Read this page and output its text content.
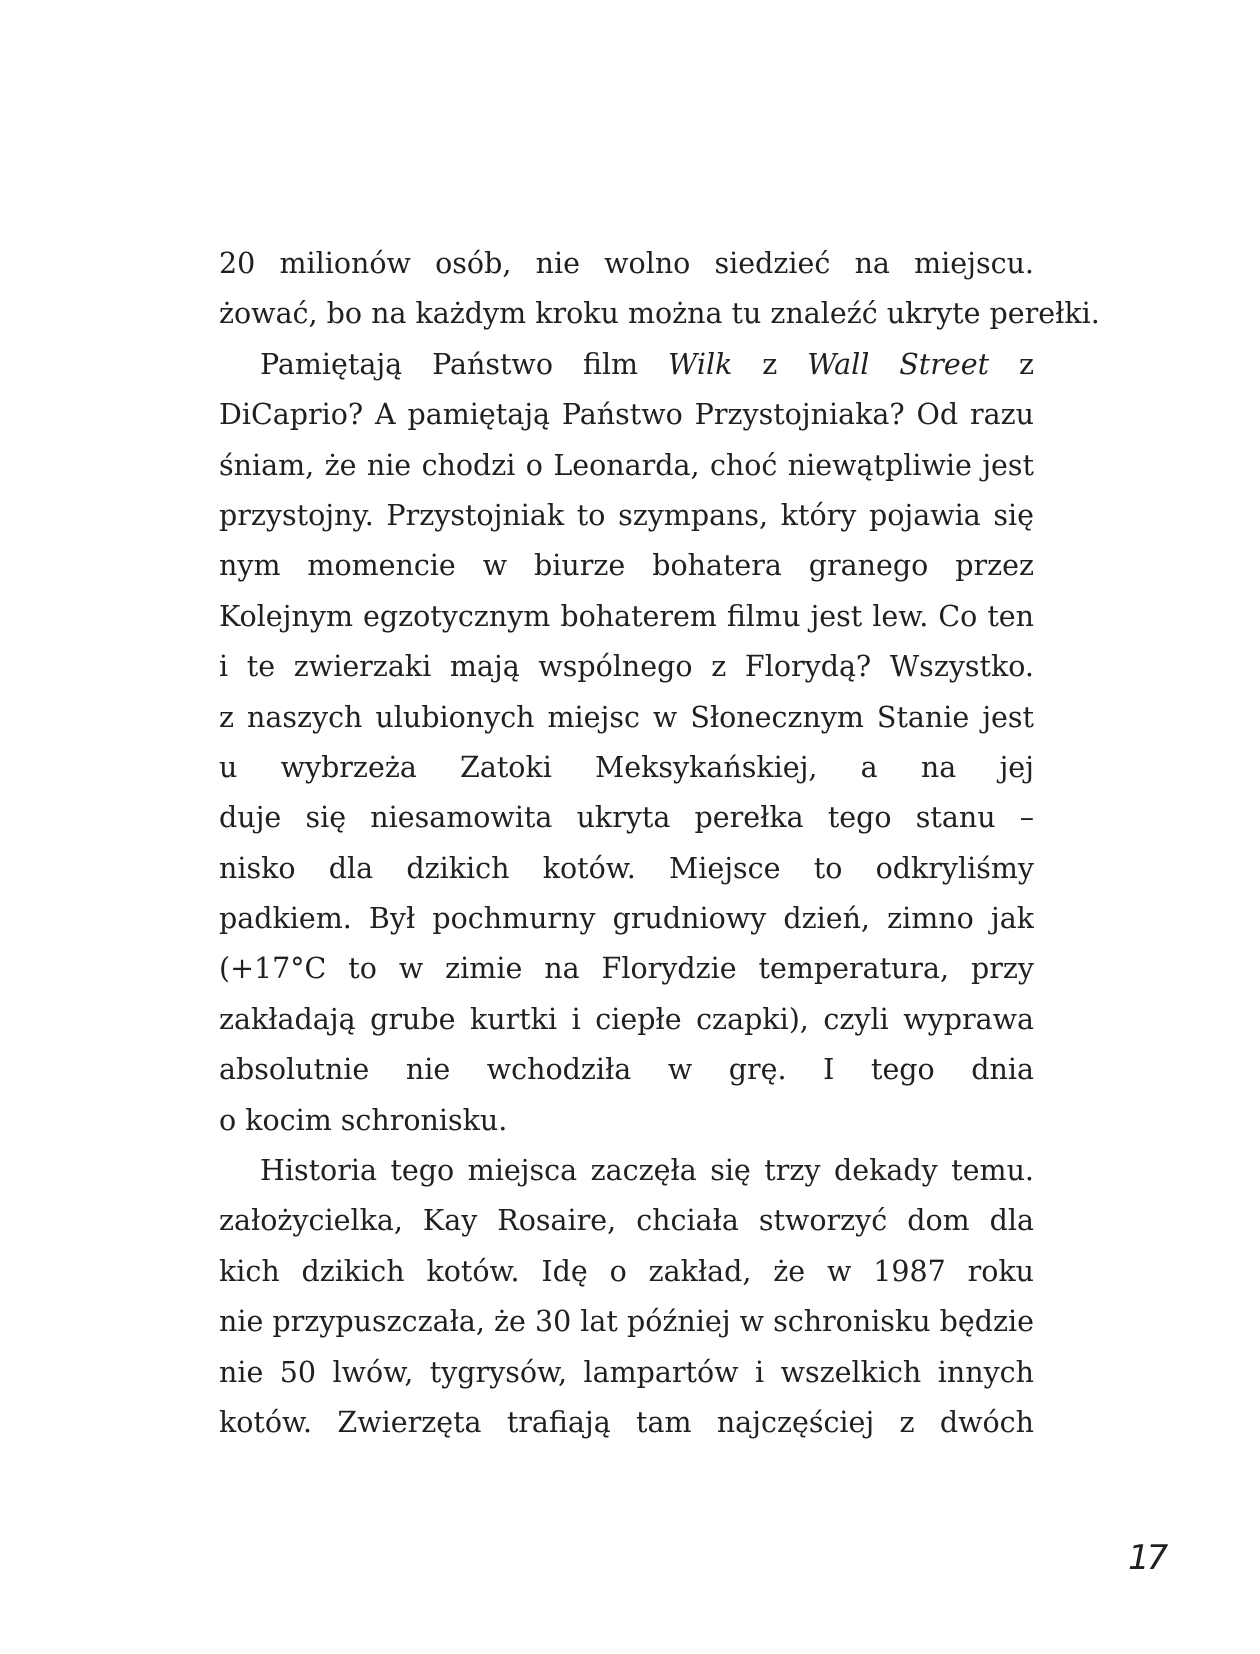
20 milionów osób, nie wolno siedzieć na miejscu.
żować, bo na każdym kroku można tu znaleźć ukryte perełki.
Pamiętają Państwo film Wilk z Wall Street z
DiCaprio? A pamiętają Państwo Przystojniaka? Od razu
śniam, że nie chodzi o Leonarda, choć niewątpliwie jest
przystojny. Przystojniak to szympans, który pojawia się
nym momencie w biurze bohatera granego przez
Kolejnym egzotycznym bohaterem filmu jest lew. Co ten
i te zwierzaki mają wspólnego z Florydą? Wszystko.
z naszych ulubionych miejsc w Słonecznym Stanie jest
u wybrzeża Zatoki Meksykańskiej, a na jej
duje się niesamowita ukryta perełka tego stanu –
nisko dla dzikich kotów. Miejsce to odkryliśmy
padkiem. Był pochmurny grudniowy dzień, zimno jak
(+17°C to w zimie na Florydzie temperatura, przy
zakładają grube kurtki i ciepłe czapki), czyli wyprawa
absolutnie nie wchodziła w grę. I tego dnia
o kocim schronisku.
Historia tego miejsca zaczęła się trzy dekady temu.
założycielka, Kay Rosaire, chciała stworzyć dom dla
kich dzikich kotów. Idę o zakład, że w 1987 roku
nie przypuszczała, że 30 lat później w schronisku będzie
nie 50 lwów, tygrysów, lampartów i wszelkich innych
kotów. Zwierzęta trafiają tam najczęściej z dwóch
17
